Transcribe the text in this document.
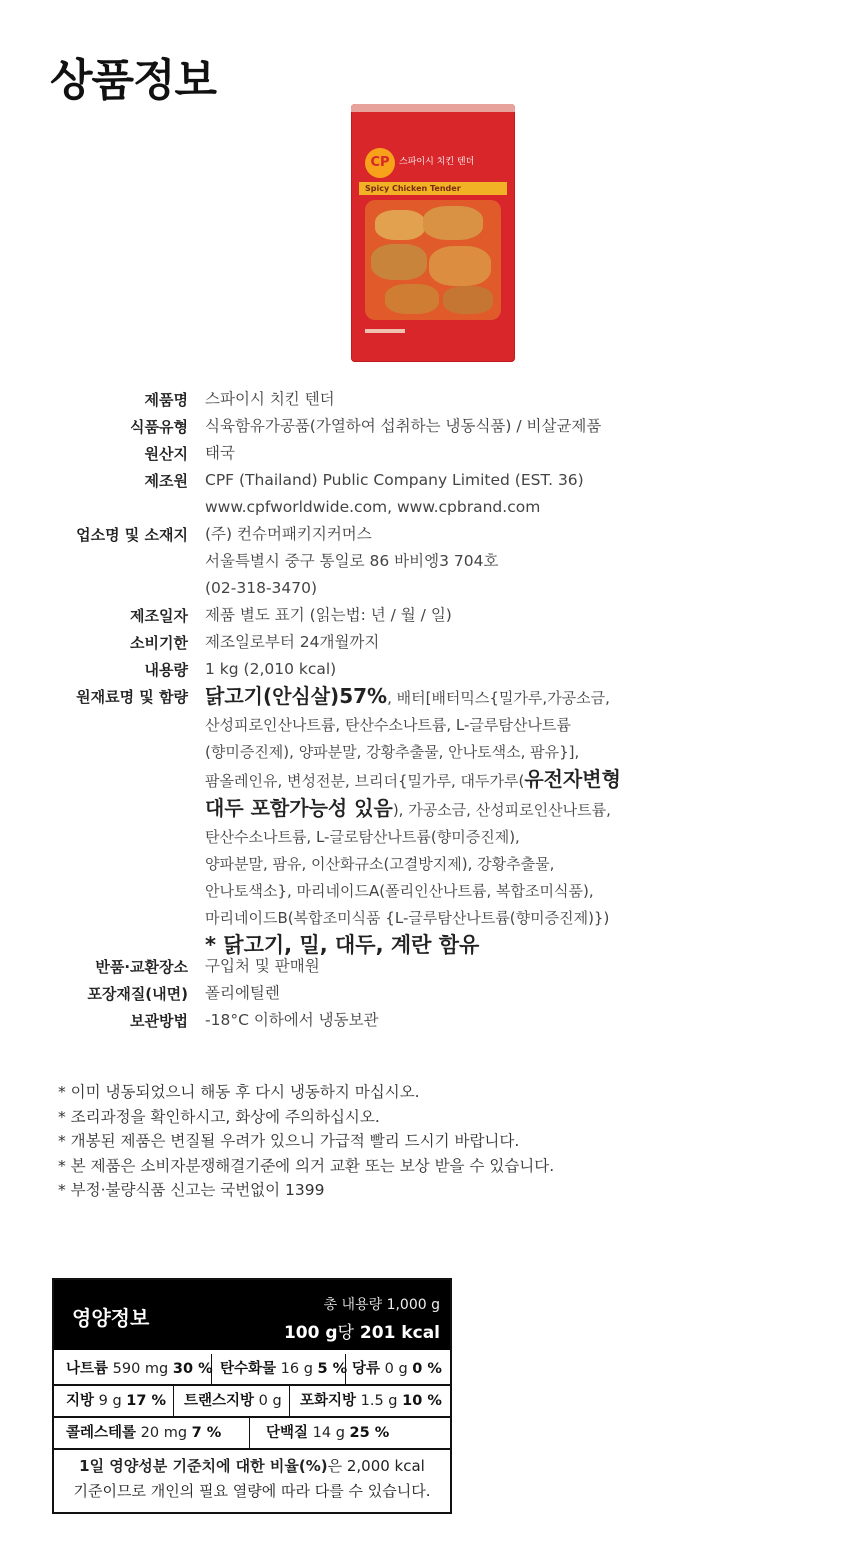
상품정보
CP	스파이시 치킨 텐더
Spicy Chicken Tender
제품명 스파이시 치킨 텐더
식품유형 식육함유가공품(가열하여 섭취하는 냉동식품) / 비살균제품
원산지 태국
제조원 CPF (Thailand) Public Company Limited (EST. 36)
www.cpfworldwide.com, www.cpbrand.com
업소명 및 소재지 (주) 컨슈머패키지커머스
서울특별시 중구 통일로 86 바비엥3 704호
(02-318-3470)
제조일자 제품 별도 표기 (읽는법: 년 / 월 / 일)
소비기한 제조일로부터 24개월까지
내용량 1 kg (2,010 kcal)
원재료명 및 함량 닭고기(안심살)57%, 배터[배터믹스{밀가루,가공소금,
산성피로인산나트륨, 탄산수소나트륨, L-글루탐산나트륨
(향미증진제), 양파분말, 강황추출물, 안나토색소, 팜유}],
팜올레인유, 변성전분, 브리더{밀가루, 대두가루(유전자변형
대두 포함가능성 있음), 가공소금, 산성피로인산나트륨,
탄산수소나트륨, L-글로탐산나트륨(향미증진제),
양파분말, 팜유, 이산화규소(고결방지제), 강황추출물,
안나토색소}, 마리네이드A(폴리인산나트륨, 복합조미식품),
마리네이드B(복합조미식품 {L-글루탐산나트륨(향미증진제)})
* 닭고기, 밀, 대두, 계란 함유
반품·교환장소 구입처 및 판매원
포장재질(내면) 폴리에틸렌
보관방법 -18°C 이하에서 냉동보관
* 이미 냉동되었으니 해동 후 다시 냉동하지 마십시오.
* 조리과정을 확인하시고, 화상에 주의하십시오.
* 개봉된 제품은 변질될 우려가 있으니 가급적 빨리 드시기 바랍니다.
* 본 제품은 소비자분쟁해결기준에 의거 교환 또는 보상 받을 수 있습니다.
* 부정·불량식품 신고는 국번없이 1399
영양정보
총 내용량 1,000 g
100 g당 201 kcal
나트륨 590 mg 30 % 탄수화물 16 g 5 % 당류 0 g 0 %
지방 9 g 17 %	트랜스지방 0 g	포화지방 1.5 g 10 %
콜레스테롤 20 mg 7 %	단백질 14 g 25 %
1일 영양성분 기준치에 대한 비율(%)은 2,000 kcal
기준이므로 개인의 필요 열량에 따라 다를 수 있습니다.
